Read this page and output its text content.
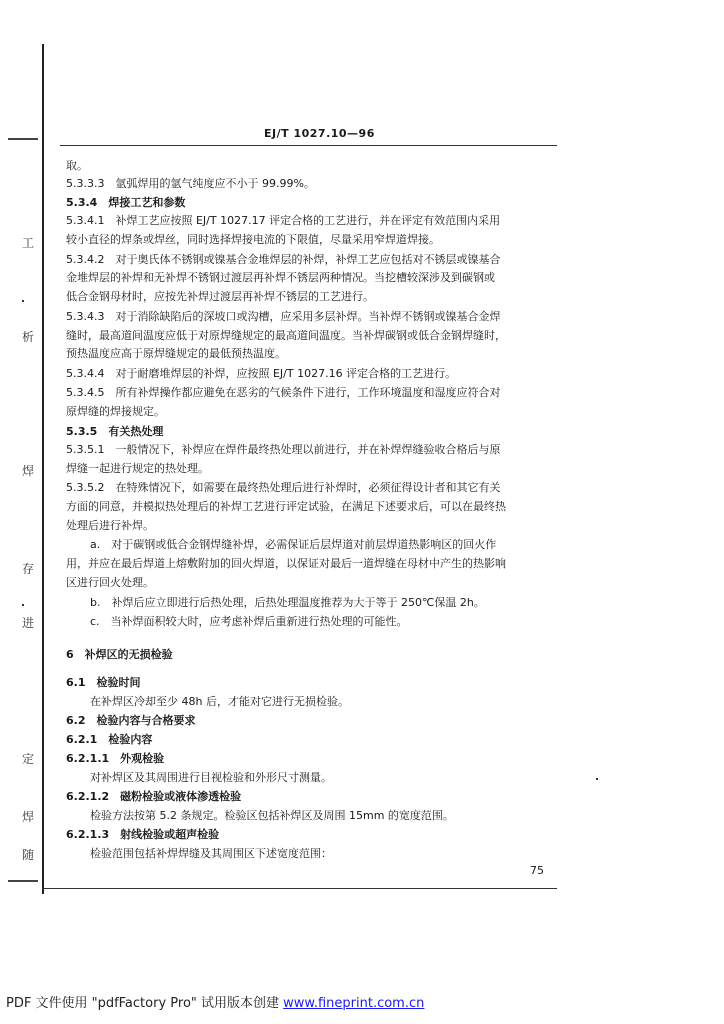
工
析
焊
存
进
定
焊
随
EJ/T 1027.10—96
取。
5.3.3.3　氩弧焊用的氩气纯度应不小于 99.99%。
5.3.4　焊接工艺和参数
5.3.4.1　补焊工艺应按照 EJ/T 1027.17 评定合格的工艺进行，并在评定有效范围内采用
较小直径的焊条或焊丝，同时选择焊接电流的下限值，尽量采用窄焊道焊接。
5.3.4.2　对于奥氏体不锈钢或镍基合金堆焊层的补焊，补焊工艺应包括对不锈层或镍基合
金堆焊层的补焊和无补焊不锈钢过渡层再补焊不锈层两种情况。当挖槽较深涉及到碳钢或
低合金钢母材时，应按先补焊过渡层再补焊不锈层的工艺进行。
5.3.4.3　对于消除缺陷后的深坡口或沟槽，应采用多层补焊。当补焊不锈钢或镍基合金焊
缝时，最高道间温度应低于对原焊缝规定的最高道间温度。当补焊碳钢或低合金钢焊缝时，
预热温度应高于原焊缝规定的最低预热温度。
5.3.4.4　对于耐磨堆焊层的补焊，应按照 EJ/T 1027.16 评定合格的工艺进行。
5.3.4.5　所有补焊操作都应避免在恶劣的气候条件下进行，工作环境温度和湿度应符合对
原焊缝的焊接规定。
5.3.5　有关热处理
5.3.5.1　一般情况下，补焊应在焊件最终热处理以前进行，并在补焊焊缝验收合格后与原
焊缝一起进行规定的热处理。
5.3.5.2　在特殊情况下，如需要在最终热处理后进行补焊时，必须征得设计者和其它有关
方面的同意，并模拟热处理后的补焊工艺进行评定试验，在满足下述要求后，可以在最终热
处理后进行补焊。
a.　对于碳钢或低合金钢焊缝补焊，必需保证后层焊道对前层焊道热影响区的回火作
用，并应在最后焊道上熔敷附加的回火焊道，以保证对最后一道焊缝在母材中产生的热影响
区进行回火处理。
b.　补焊后应立即进行后热处理，后热处理温度推荐为大于等于 250℃保温 2h。
c.　当补焊面积较大时，应考虑补焊后重新进行热处理的可能性。
6　补焊区的无损检验
6.1　检验时间
在补焊区冷却至少 48h 后，才能对它进行无损检验。
6.2　检验内容与合格要求
6.2.1　检验内容
6.2.1.1　外观检验
对补焊区及其周围进行目视检验和外形尺寸测量。
6.2.1.2　磁粉检验或液体渗透检验
检验方法按第 5.2 条规定。检验区包括补焊区及周围 15mm 的宽度范围。
6.2.1.3　射线检验或超声检验
检验范围包括补焊焊缝及其周围区下述宽度范围：
75
PDF 文件使用 "pdfFactory Pro" 试用版本创建 www.fineprint.com.cn
